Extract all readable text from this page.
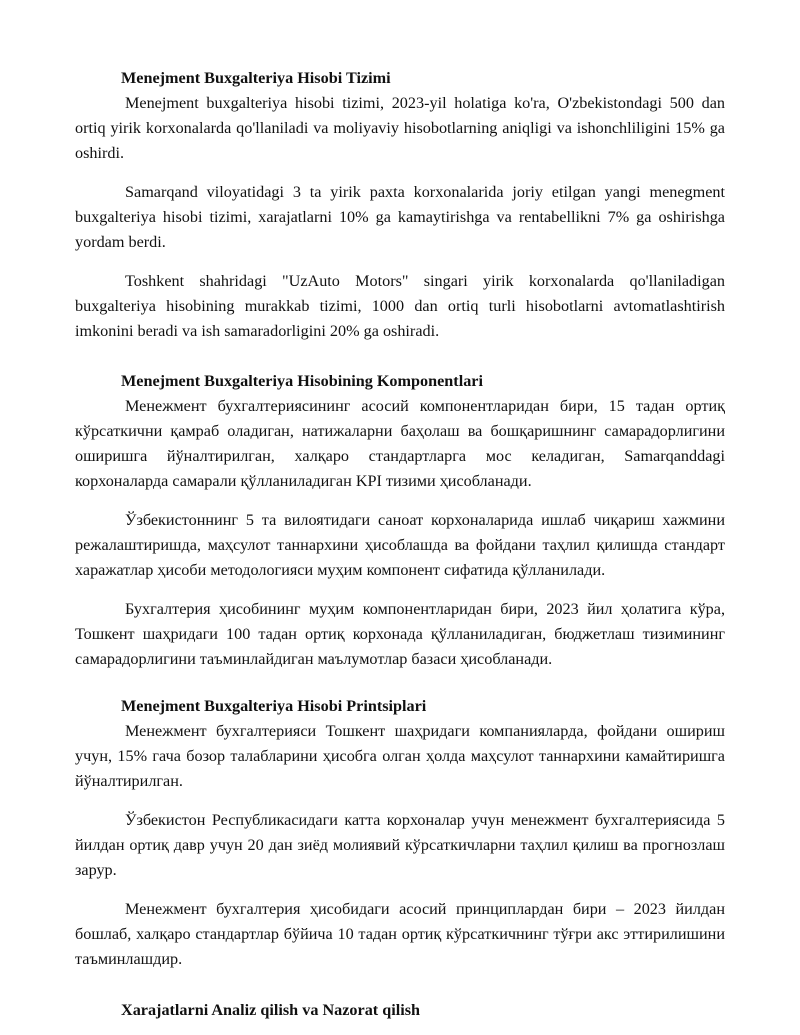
Menejment Buxgalteriya Hisobi Tizimi

Menejment buxgalteriya hisobi tizimi, 2023-yil holatiga ko'ra, O'zbekistondagi 500 dan ortiq yirik korxonalarda qo'llaniladi va moliyaviy hisobotlarning aniqligi va ishonchliligini 15% ga oshirdi.

Samarqand viloyatidagi 3 ta yirik paxta korxonalarida joriy etilgan yangi menegment buxgalteriya hisobi tizimi, xarajatlarni 10% ga kamaytirishga va rentabellikni 7% ga oshirishga yordam berdi.

Toshkent shahridagi "UzAuto Motors" singari yirik korxonalarda qo'llaniladigan buxgalteriya hisobining murakkab tizimi, 1000 dan ortiq turli hisobotlarni avtomatlashtirish imkonini beradi va ish samaradorligini 20% ga oshiradi.

Menejment Buxgalteriya Hisobining Komponentlari

Менежмент бухгалтериясининг асосий компонентларидан бири, 15 тадан ортиқ кўрсаткични қамраб оладиган, натижаларни баҳолаш ва бошқаришнинг самарадорлигини оширишга йўналтирилган, халқаро стандартларга мос келадиган, Samarqanddagi корхоналарда самарали қўлланиладиган KPI тизими ҳисобланади.

Ўзбекистоннинг 5 та вилоятидаги саноат корхоналарида ишлаб чиқариш хажмини режалаштиришда, маҳсулот таннархини ҳисоблашда ва фойдани таҳлил қилишда стандарт харажатлар ҳисоби методологияси муҳим компонент сифатида қўлланилади.

Бухгалтерия ҳисобининг муҳим компонентларидан бири, 2023 йил ҳолатига кўра, Тошкент шаҳридаги 100 тадан ортиқ корхонада қўлланиладиган, бюджетлаш тизимининг самарадорлигини таъминлайдиган маълумотлар базаси ҳисобланади.

Menejment Buxgalteriya Hisobi Printsiplari

Менежмент бухгалтерияси Тошкент шаҳридаги компанияларда, фойдани ошириш учун, 15% гача бозор талабларини ҳисобга олган ҳолда маҳсулот таннархини камайтиришга йўналтирилган.

Ўзбекистон Республикасидаги катта корхоналар учун менежмент бухгалтериясида 5 йилдан ортиқ давр учун 20 дан зиёд молиявий кўрсаткичларни таҳлил қилиш ва прогнозлаш зарур.

Менежмент бухгалтерия ҳисобидаги асосий принциплардан бири – 2023 йилдан бошлаб, халқаро стандартлар бўйича 10 тадан ортиқ кўрсаткичнинг тўғри акс эттирилишини таъминлашдир.

Xarajatlarni Analiz qilish va Nazorat qilish
